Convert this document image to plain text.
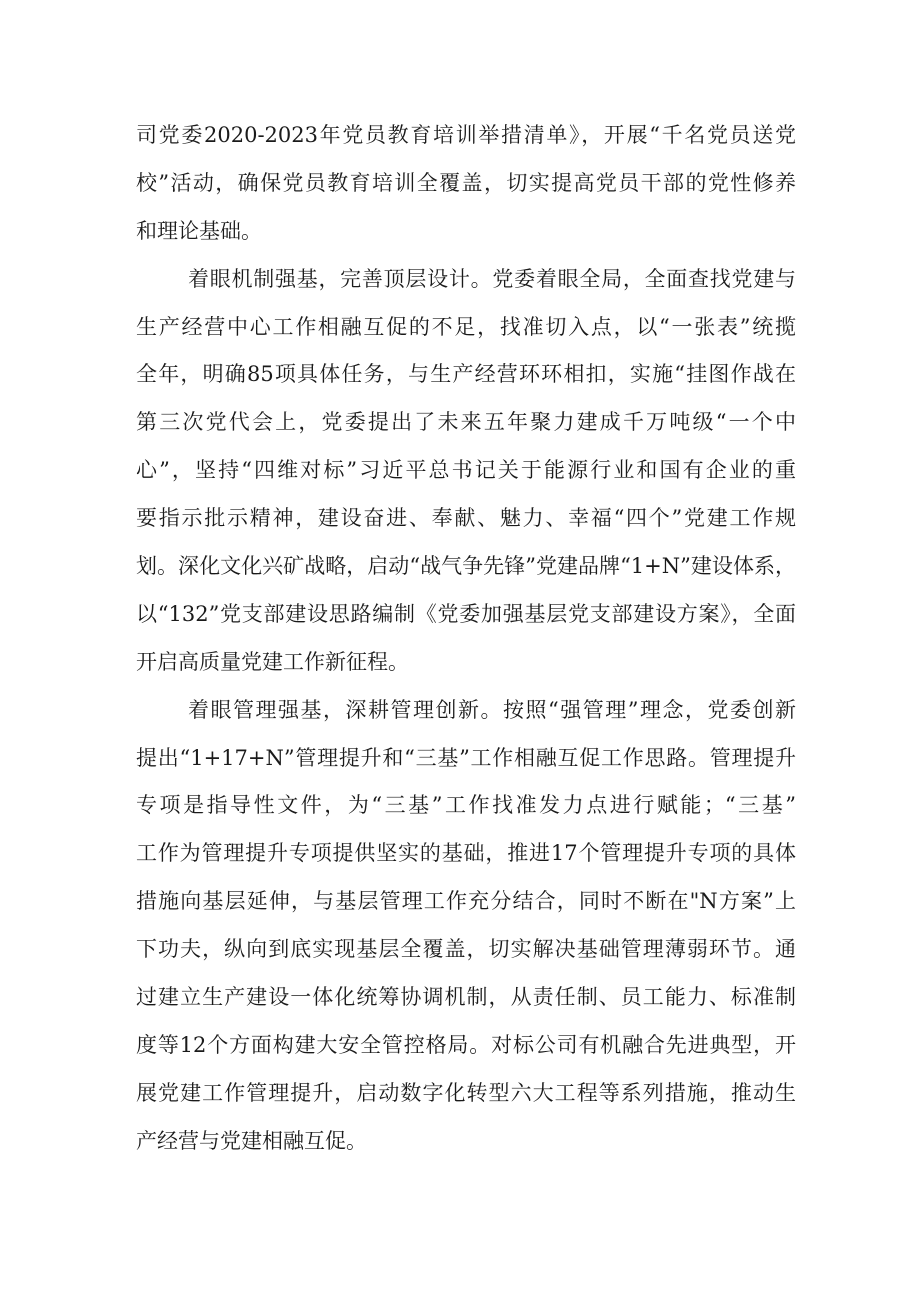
司党委2020-2023年党员教育培训举措清单》，开展“千名党员送党
校”活动，确保党员教育培训全覆盖，切实提高党员干部的党性修养
和理论基础。
着眼机制强基，完善顶层设计。党委着眼全局，全面查找党建与
生产经营中心工作相融互促的不足，找准切入点，以“一张表”统揽
全年，明确85项具体任务，与生产经营环环相扣，实施“挂图作战在
第三次党代会上，党委提出了未来五年聚力建成千万吨级“一个中
心”，坚持“四维对标”习近平总书记关于能源行业和国有企业的重
要指示批示精神，建设奋进、奉献、魅力、幸福“四个”党建工作规
划。深化文化兴矿战略，启动“战气争先锋”党建品牌“1+N”建设体系，
以“132”党支部建设思路编制《党委加强基层党支部建设方案》，全面
开启高质量党建工作新征程。
着眼管理强基，深耕管理创新。按照“强管理”理念，党委创新
提出“1+17+N”管理提升和“三基”工作相融互促工作思路。管理提升
专项是指导性文件，为“三基”工作找准发力点进行赋能；“三基”
工作为管理提升专项提供坚实的基础，推进17个管理提升专项的具体
措施向基层延伸，与基层管理工作充分结合，同时不断在"N方案”上
下功夫，纵向到底实现基层全覆盖，切实解决基础管理薄弱环节。通
过建立生产建设一体化统筹协调机制，从责任制、员工能力、标准制
度等12个方面构建大安全管控格局。对标公司有机融合先进典型，开
展党建工作管理提升，启动数字化转型六大工程等系列措施，推动生
产经营与党建相融互促。
